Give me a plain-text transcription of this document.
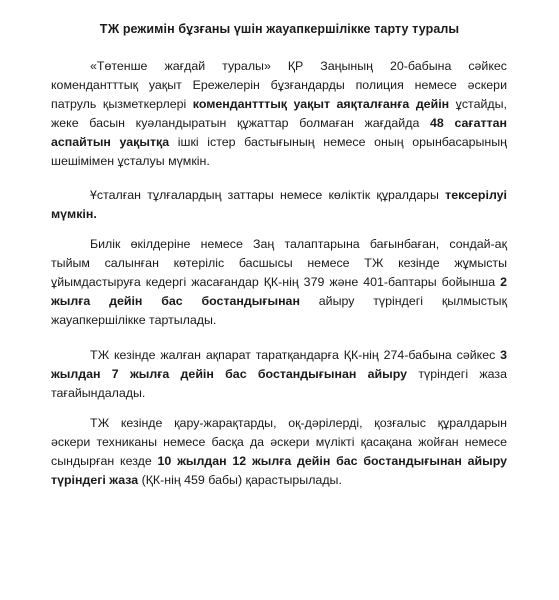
ТЖ режимін бұзғаны үшін жауапкершілікке тарту туралы

«Төтенше жағдай туралы» ҚР Заңының 20-бабына сәйкес комендантттық уақыт Ережелерін бұзғандарды полиция немесе әскери патруль қызметкерлері комендантттық уақыт аяқталғанға дейін ұстайды, жеке басын куәландыратын құжаттар болмаған жағдайда 48 сағаттан аспайтын уақытқа ішкі істер бастығының немесе оның орынбасарының шешімімен ұсталуы мүмкін.

Ұсталған тұлғалардың заттары немесе көліктік құралдары тексерілуі мүмкін.

Билік өкілдеріне немесе Заң талаптарына бағынбаған, сондай-ақ тыйым салынған көтеріліс басшысы немесе ТЖ кезінде жұмысты ұйымдастыруға кедергі жасағандар ҚК-нің 379 және 401-баптары бойынша 2 жылға дейін бас бостандығынан айыру түріндегі қылмыстық жауапкершілікке тартылады.

ТЖ кезінде жалған ақпарат таратқандарға ҚК-нің 274-бабына сәйкес 3 жылдан 7 жылға дейін бас бостандығынан айыру түріндегі жаза тағайындалады.

ТЖ кезінде қару-жарақтарды, оқ-дәрілерді, қозғалыс құралдарын әскери техниканы немесе басқа да әскери мүлікті қасақана жойған немесе сындырған кезде 10 жылдан 12 жылға дейін бас бостандығынан айыру түріндегі жаза (ҚК-нің 459 бабы) қарастырылады.
